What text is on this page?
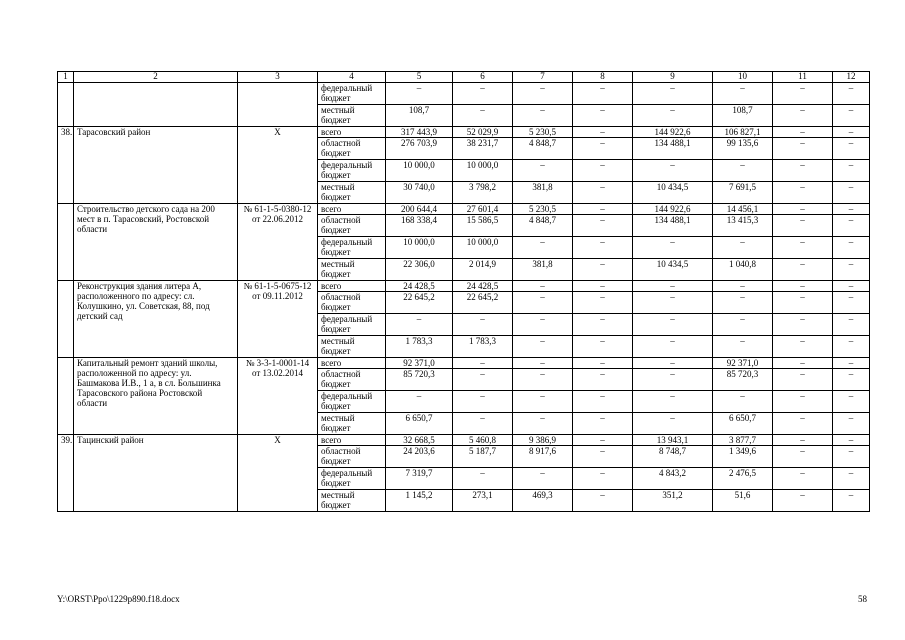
1	2	3	4	5	6	7	8	9	10	11	12
			федеральный бюджет	–	–	–	–	–	–	–	–
			местный бюджет	108,7	–	–	–	–	108,7	–	–
38.	Тарасовский район	Х	всего	317 443,9	52 029,9	5 230,5	–	144 922,6	106 827,1	–	–
			областной бюджет	276 703,9	38 231,7	4 848,7	–	134 488,1	99 135,6	–	–
			федеральный бюджет	10 000,0	10 000,0	–	–	–	–	–	–
			местный бюджет	30 740,0	3 798,2	381,8	–	10 434,5	7 691,5	–	–
	Строительство детского сада на 200 мест в п. Тарасовский, Ростовской области	№ 61-1-5-0380-12 от 22.06.2012	всего	200 644,4	27 601,4	5 230,5	–	144 922,6	14 456,1	–	–
			областной бюджет	168 338,4	15 586,5	4 848,7	–	134 488,1	13 415,3	–	–
			федеральный бюджет	10 000,0	10 000,0	–	–	–	–	–	–
			местный бюджет	22 306,0	2 014,9	381,8	–	10 434,5	1 040,8	–	–
	Реконструкция здания литера А, расположенного по адресу: сл. Колушкино, ул. Советская, 88, под детский сад	№ 61-1-5-0675-12 от 09.11.2012	всего	24 428,5	24 428,5	–	–	–	–	–	–
			областной бюджет	22 645,2	22 645,2	–	–	–	–	–	–
			федеральный бюджет	–	–	–	–	–	–	–	–
			местный бюджет	1 783,3	1 783,3	–	–	–	–	–	–
	Капитальный ремонт зданий школы, расположенной по адресу: ул. Башмакова И.В., 1 а, в сл. Большинка Тарасовского района Ростовской области	№ 3-3-1-0001-14 от 13.02.2014	всего	92 371,0	–	–	–	–	92 371,0	–	–
			областной бюджет	85 720,3	–	–	–	–	85 720,3	–	–
			федеральный бюджет	–	–	–	–	–	–	–	–
			местный бюджет	6 650,7	–	–	–	–	6 650,7	–	–
39.	Тацинский район	Х	всего	32 668,5	5 460,8	9 386,9	–	13 943,1	3 877,7	–	–
			областной бюджет	24 203,6	5 187,7	8 917,6	–	8 748,7	1 349,6	–	–
			федеральный бюджет	7 319,7	–	–	–	4 843,2	2 476,5	–	–
			местный бюджет	1 145,2	273,1	469,3	–	351,2	51,6	–	–
Y:\ORST\Ppo\1229p890.f18.docx	58
